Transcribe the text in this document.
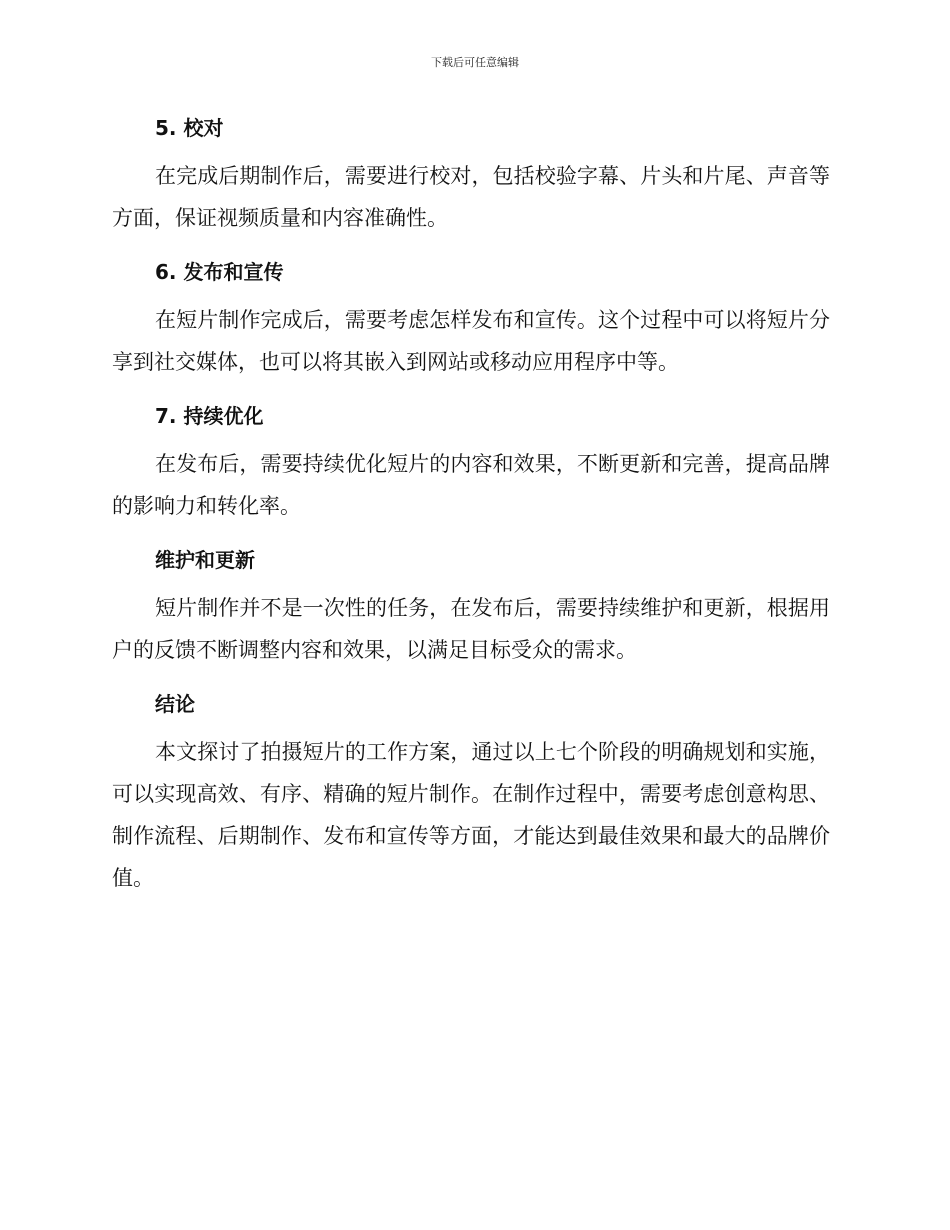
下载后可任意编辑
5. 校对

在完成后期制作后，需要进行校对，包括校验字幕、片头和片尾、声音等方面，保证视频质量和内容准确性。

6. 发布和宣传

在短片制作完成后，需要考虑怎样发布和宣传。这个过程中可以将短片分享到社交媒体，也可以将其嵌入到网站或移动应用程序中等。

7. 持续优化

在发布后，需要持续优化短片的内容和效果，不断更新和完善，提高品牌的影响力和转化率。

维护和更新

短片制作并不是一次性的任务，在发布后，需要持续维护和更新，根据用户的反馈不断调整内容和效果，以满足目标受众的需求。

结论

本文探讨了拍摄短片的工作方案，通过以上七个阶段的明确规划和实施，可以实现高效、有序、精确的短片制作。在制作过程中，需要考虑创意构思、制作流程、后期制作、发布和宣传等方面，才能达到最佳效果和最大的品牌价值。
